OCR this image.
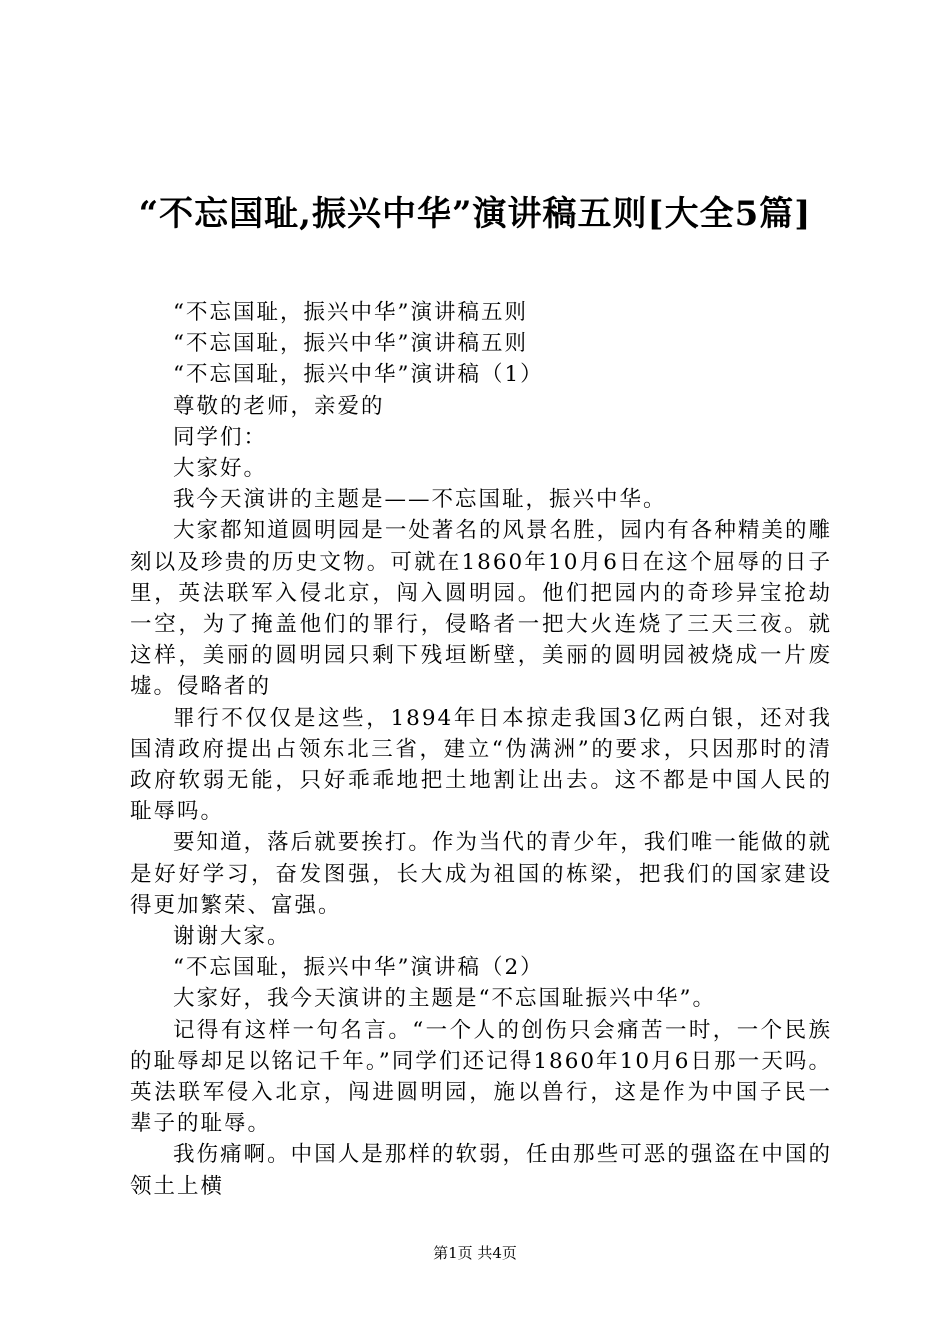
“不忘国耻,振兴中华”演讲稿五则[大全5篇]

“不忘国耻，振兴中华”演讲稿五则

“不忘国耻，振兴中华”演讲稿五则

“不忘国耻，振兴中华”演讲稿（1）

尊敬的老师，亲爱的

同学们：

大家好。

我今天演讲的主题是——不忘国耻，振兴中华。

大家都知道圆明园是一处著名的风景名胜，园内有各种精美的雕刻以及珍贵的历史文物。可就在1860年10月6日在这个屈辱的日子里，英法联军入侵北京，闯入圆明园。他们把园内的奇珍异宝抢劫一空，为了掩盖他们的罪行，侵略者一把大火连烧了三天三夜。就这样，美丽的圆明园只剩下残垣断壁，美丽的圆明园被烧成一片废墟。侵略者的

罪行不仅仅是这些，1894年日本掠走我国3亿两白银，还对我国清政府提出占领东北三省，建立“伪满洲”的要求，只因那时的清政府软弱无能，只好乖乖地把土地割让出去。这不都是中国人民的耻辱吗。

要知道，落后就要挨打。作为当代的青少年，我们唯一能做的就是好好学习，奋发图强，长大成为祖国的栋梁，把我们的国家建设得更加繁荣、富强。

谢谢大家。

“不忘国耻，振兴中华”演讲稿（2）

大家好，我今天演讲的主题是“不忘国耻振兴中华”。

记得有这样一句名言。“一个人的创伤只会痛苦一时，一个民族的耻辱却足以铭记千年。”同学们还记得1860年10月6日那一天吗。英法联军侵入北京，闯进圆明园，施以兽行，这是作为中国子民一辈子的耻辱。

我伤痛啊。中国人是那样的软弱，任由那些可恶的强盗在中国的领土上横

第1页 共4页
